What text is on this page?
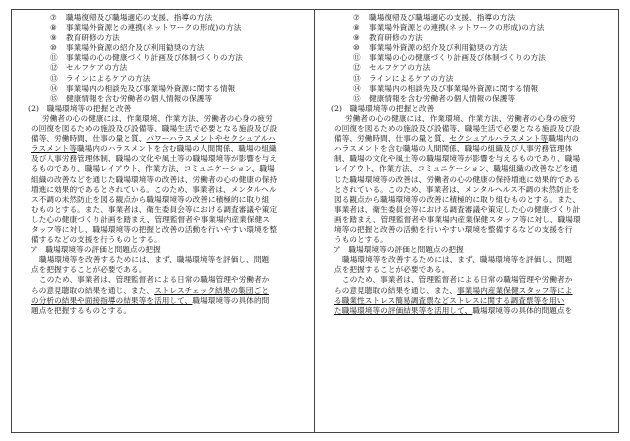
⑦ 職場復帰及び職場適応の支援、指導の方法
⑧ 事業場外資源との連携(ネットワークの形成)の方法
⑨ 教育研修の方法
⑩ 事業場外資源の紹介及び利用勧奨の方法
⑪ 事業場の心の健康づくり計画及び体制づくりの方法
⑫ セルフケアの方法
⑬ ラインによるケアの方法
⑭ 事業場内の相談先及び事業場外資源に関する情報
⑮ 健康情報を含む労働者の個人情報の保護等
(2)　職場環境等の把握と改善
労働者の心の健康には、作業環境、作業方法、労働者の心身の疲労
の回復を図るための施設及び設備等、職場生活で必要となる施設及び設
備等、労働時間、仕事の量と質、パワーハラスメントやセクシュアルハ
ラスメント等職場内のハラスメントを含む職場の人間関係、職場の組織
及び人事労務管理体制、職場の文化や風土等の職場環境等が影響を与え
るものであり、職場レイアウト、作業方法、コミュニケーション、職場
組織の改善などを通じた職場環境等の改善は、労働者の心の健康の保持
増進に効果的であるとされている。このため、事業者は、メンタルヘル
ス不調の未然防止を図る観点から職場環境等の改善に積極的に取り組
むものとする。また、事業者は、衛生委員会等における調査審議や策定
した心の健康づくり計画を踏まえ、管理監督者や事業場内産業保健ス
タッフ等に対し、職場環境等の把握と改善の活動を行いやすい環境を整
備するなどの支援を行うものとする。
ア　職場環境等の評価と問題点の把握
職場環境等を改善するためには、まず、職場環境等を評価し、問題
点を把握することが必要である。
このため、事業者は、管理監督者による日常の職場管理や労働者か
らの意見聴取の結果を通じ、また、ストレスチェック結果の集団ごと
の分析の結果や面接指導の結果等を活用して、職場環境等の具体的問
題点を把握するものとする。
⑦ 職場復帰及び職場適応の支援、指導の方法
⑧ 事業場外資源との連携(ネットワークの形成)の方法
⑨ 教育研修の方法
⑩ 事業場外資源の紹介及び利用勧奨の方法
⑪ 事業場の心の健康づくり計画及び体制づくりの方法
⑫ セルフケアの方法
⑬ ラインによるケアの方法
⑭ 事業場内の相談先及び事業場外資源に関する情報
⑮ 健康情報を含む労働者の個人情報の保護等
(2)　職場環境等の把握と改善
労働者の心の健康には、作業環境、作業方法、労働者の心身の疲労
の回復を図るための施設及び設備等、職場生活で必要となる施設及び設
備等、労働時間、仕事の量と質、セクシュアルハラスメント等職場内の
ハラスメントを含む職場の人間関係、職場の組織及び人事労務管理体
制、職場の文化や風土等の職場環境等が影響を与えるものであり、職場
レイアウト、作業方法、コミュニケーション、職場組織の改善などを通
じた職場環境等の改善は、労働者の心の健康の保持増進に効果的である
とされている。このため、事業者は、メンタルヘルス不調の未然防止を
図る観点から職場環境等の改善に積極的に取り組むものとする。また、
事業者は、衛生委員会等における調査審議や策定した心の健康づくり計
画を踏まえ、管理監督者や事業場内産業保健スタッフ等に対し、職場環
境等の把握と改善の活動を行いやすい環境を整備するなどの支援を行
うものとする。
ア　職場環境等の評価と問題点の把握
職場環境等を改善するためには、まず、職場環境等を評価し、問題
点を把握することが必要である。
このため、事業者は、管理監督者による日常の職場管理や労働者か
らの意見聴取の結果を通じ、また、事業場内産業保健スタッフ等によ
る職業性ストレス簡易調査票などストレスに関する調査票等を用い
た職場環境等の評価結果等を活用して、職場環境等の具体的問題点を
